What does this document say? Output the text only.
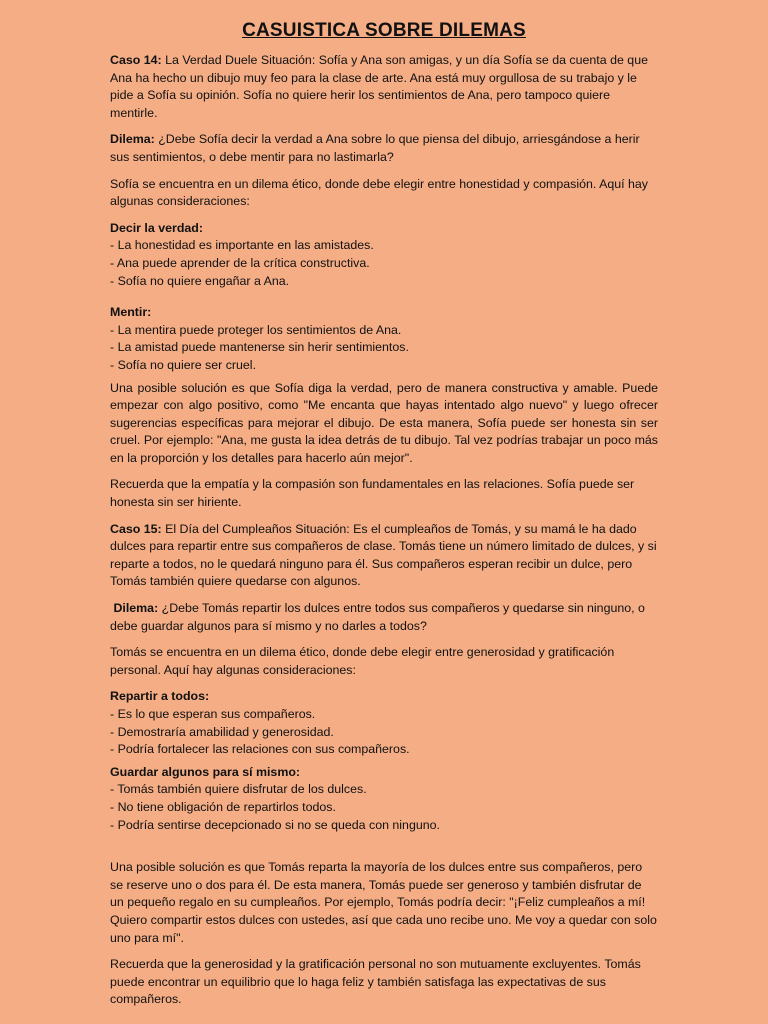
CASUISTICA SOBRE DILEMAS

Caso 14: La Verdad Duele Situación: Sofía y Ana son amigas, y un día Sofía se da cuenta de que Ana ha hecho un dibujo muy feo para la clase de arte. Ana está muy orgullosa de su trabajo y le pide a Sofía su opinión. Sofía no quiere herir los sentimientos de Ana, pero tampoco quiere mentirle.

Dilema: ¿Debe Sofía decir la verdad a Ana sobre lo que piensa del dibujo, arriesgándose a herir sus sentimientos, o debe mentir para no lastimarla?

Sofía se encuentra en un dilema ético, donde debe elegir entre honestidad y compasión. Aquí hay algunas consideraciones:

Decir la verdad:

- La honestidad es importante en las amistades.

- Ana puede aprender de la crítica constructiva.

- Sofía no quiere engañar a Ana.

Mentir:

- La mentira puede proteger los sentimientos de Ana.

- La amistad puede mantenerse sin herir sentimientos.

- Sofía no quiere ser cruel.

Una posible solución es que Sofía diga la verdad, pero de manera constructiva y amable. Puede empezar con algo positivo, como "Me encanta que hayas intentado algo nuevo" y luego ofrecer sugerencias específicas para mejorar el dibujo. De esta manera, Sofía puede ser honesta sin ser cruel. Por ejemplo: "Ana, me gusta la idea detrás de tu dibujo. Tal vez podrías trabajar un poco más en la proporción y los detalles para hacerlo aún mejor".

Recuerda que la empatía y la compasión son fundamentales en las relaciones. Sofía puede ser honesta sin ser hiriente.

Caso 15: El Día del Cumpleaños Situación: Es el cumpleaños de Tomás, y su mamá le ha dado dulces para repartir entre sus compañeros de clase. Tomás tiene un número limitado de dulces, y si reparte a todos, no le quedará ninguno para él. Sus compañeros esperan recibir un dulce, pero Tomás también quiere quedarse con algunos.

Dilema: ¿Debe Tomás repartir los dulces entre todos sus compañeros y quedarse sin ninguno, o debe guardar algunos para sí mismo y no darles a todos?

Tomás se encuentra en un dilema ético, donde debe elegir entre generosidad y gratificación personal. Aquí hay algunas consideraciones:

Repartir a todos:

- Es lo que esperan sus compañeros.

- Demostraría amabilidad y generosidad.

- Podría fortalecer las relaciones con sus compañeros.

Guardar algunos para sí mismo:

- Tomás también quiere disfrutar de los dulces.

- No tiene obligación de repartirlos todos.

- Podría sentirse decepcionado si no se queda con ninguno.

Una posible solución es que Tomás reparta la mayoría de los dulces entre sus compañeros, pero se reserve uno o dos para él. De esta manera, Tomás puede ser generoso y también disfrutar de un pequeño regalo en su cumpleaños. Por ejemplo, Tomás podría decir: "¡Feliz cumpleaños a mí! Quiero compartir estos dulces con ustedes, así que cada uno recibe uno. Me voy a quedar con solo uno para mí".

Recuerda que la generosidad y la gratificación personal no son mutuamente excluyentes. Tomás puede encontrar un equilibrio que lo haga feliz y también satisfaga las expectativas de sus compañeros.
